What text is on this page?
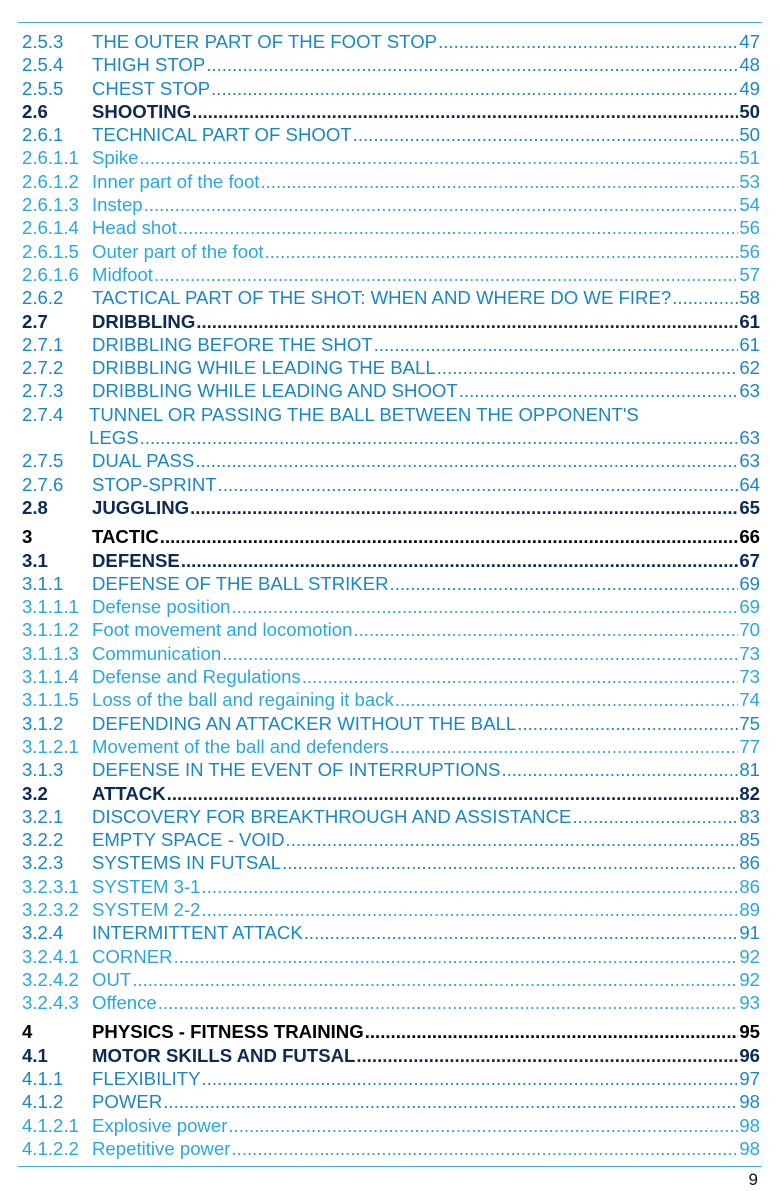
2.5.3	THE OUTER PART OF THE FOOT STOP .....	47
2.5.4	THIGH STOP .....	48
2.5.5	CHEST STOP .....	49
2.6	SHOOTING .....	50
2.6.1	TECHNICAL PART OF SHOOT .....	50
2.6.1.1 Spike .....	51
2.6.1.2 Inner part of the foot .....	53
2.6.1.3 Instep .....	54
2.6.1.4 Head shot .....	56
2.6.1.5 Outer part of the foot .....	56
2.6.1.6 Midfoot .....	57
2.6.2	TACTICAL PART OF THE SHOT: WHEN AND WHERE DO WE FIRE? .....	58
2.7	DRIBBLING .....	61
2.7.1	DRIBBLING BEFORE THE SHOT .....	61
2.7.2	DRIBBLING WHILE LEADING THE BALL .....	62
2.7.3	DRIBBLING WHILE LEADING AND SHOOT .....	63
2.7.4 TUNNEL OR PASSING THE BALL BETWEEN THE OPPONENT'S
LEGS .....	63
2.7.5	DUAL PASS .....	63
2.7.6	STOP-SPRINT .....	64
2.8	JUGGLING .....	65
3	TACTIC .....	66
3.1	DEFENSE .....	67
3.1.1	DEFENSE OF THE BALL STRIKER .....	69
3.1.1.1 Defense position .....	69
3.1.1.2 Foot movement and locomotion .....	70
3.1.1.3 Communication .....	73
3.1.1.4 Defense and Regulations .....	73
3.1.1.5 Loss of the ball and regaining it back .....	74
3.1.2	DEFENDING AN ATTACKER WITHOUT THE BALL .....	75
3.1.2.1 Movement of the ball and defenders .....	77
3.1.3	DEFENSE IN THE EVENT OF INTERRUPTIONS .....	81
3.2	ATTACK .....	82
3.2.1	DISCOVERY FOR BREAKTHROUGH AND ASSISTANCE .....	83
3.2.2	EMPTY SPACE - VOID .....	85
3.2.3	SYSTEMS IN FUTSAL .....	86
3.2.3.1 SYSTEM 3-1 .....	86
3.2.3.2 SYSTEM 2-2 .....	89
3.2.4	INTERMITTENT ATTACK .....	91
3.2.4.1 CORNER .....	92
3.2.4.2 OUT .....	92
3.2.4.3 Offence .....	93
4	PHYSICS - FITNESS TRAINING .....	95
4.1	MOTOR SKILLS AND FUTSAL .....	96
4.1.1	FLEXIBILITY .....	97
4.1.2	POWER .....	98
4.1.2.1 Explosive power .....	98
4.1.2.2 Repetitive power .....	98
9
